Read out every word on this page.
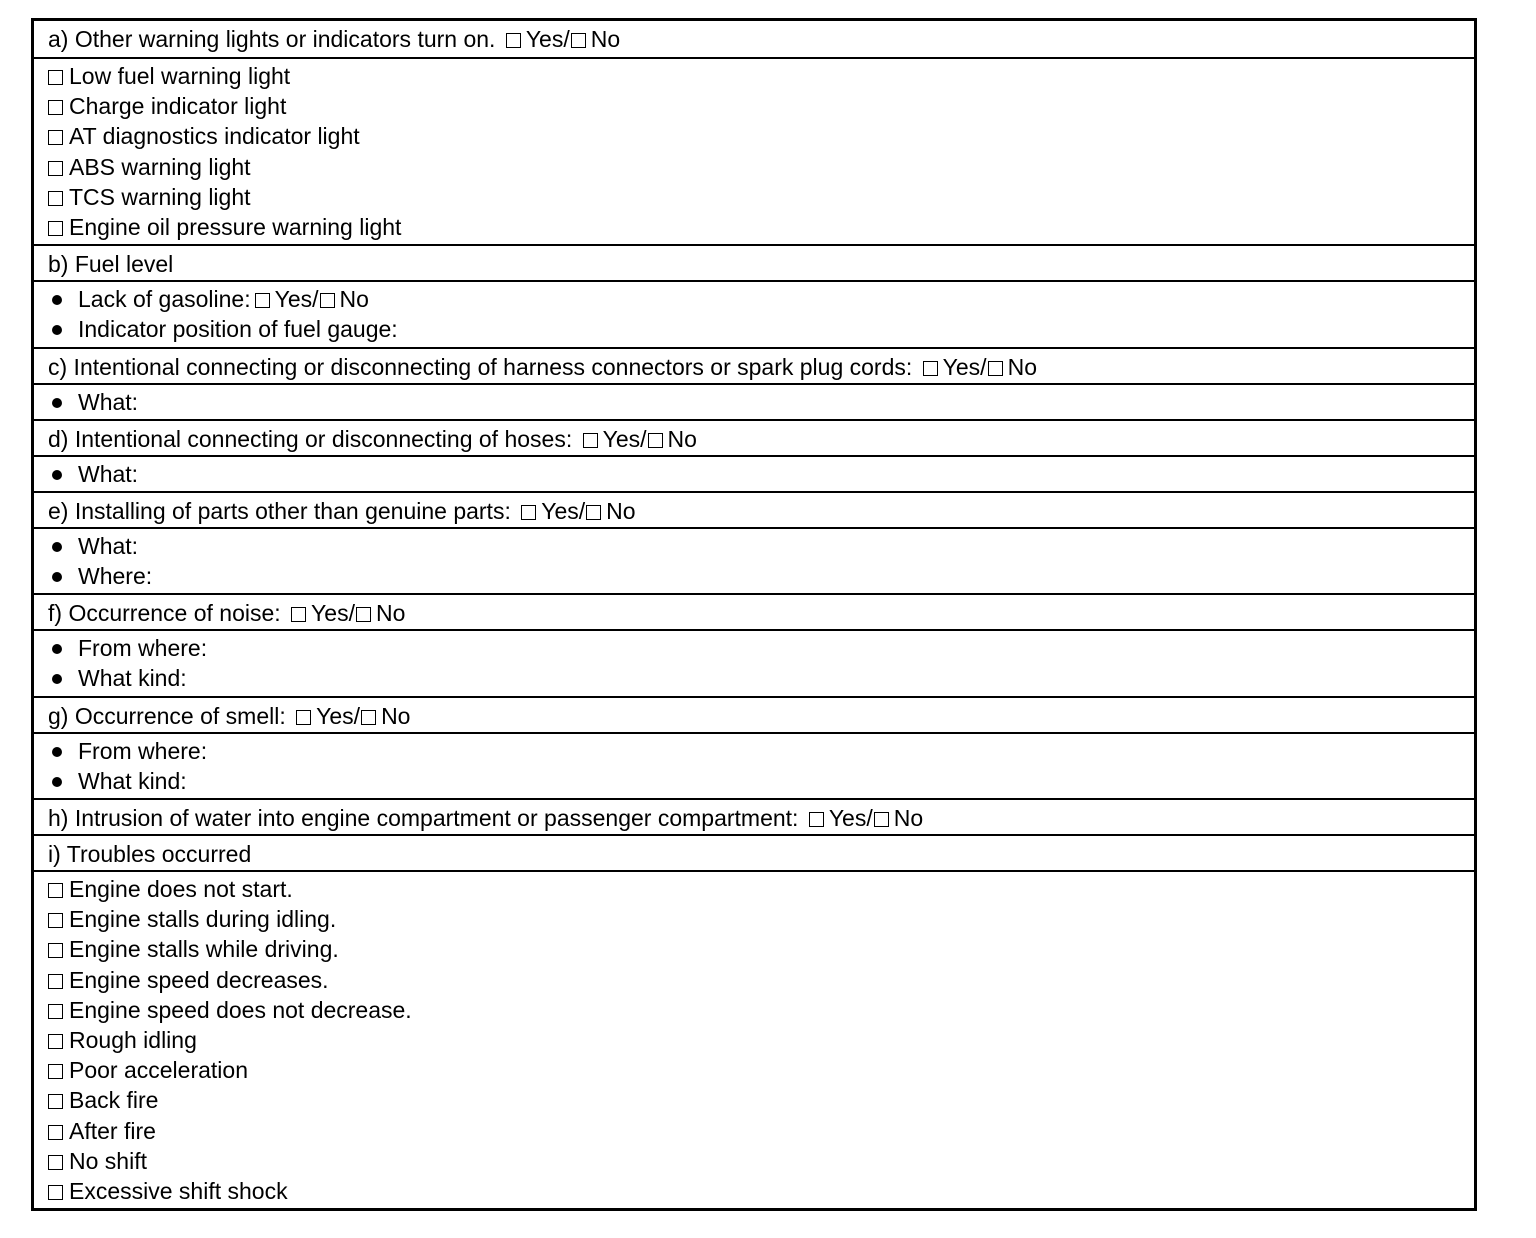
a) Other warning lights or indicators turn on. Yes/ No
Low fuel warning light
Charge indicator light
AT diagnostics indicator light
ABS warning light
TCS warning light
Engine oil pressure warning light
b) Fuel level
Lack of gasoline: Yes/ No
Indicator position of fuel gauge:
c) Intentional connecting or disconnecting of harness connectors or spark plug cords: Yes/ No
What:
d) Intentional connecting or disconnecting of hoses: Yes/ No
What:
e) Installing of parts other than genuine parts: Yes/ No
What:
Where:
f) Occurrence of noise: Yes/ No
From where:
What kind:
g) Occurrence of smell: Yes/ No
From where:
What kind:
h) Intrusion of water into engine compartment or passenger compartment: Yes/ No
i) Troubles occurred
Engine does not start.
Engine stalls during idling.
Engine stalls while driving.
Engine speed decreases.
Engine speed does not decrease.
Rough idling
Poor acceleration
Back fire
After fire
No shift
Excessive shift shock
